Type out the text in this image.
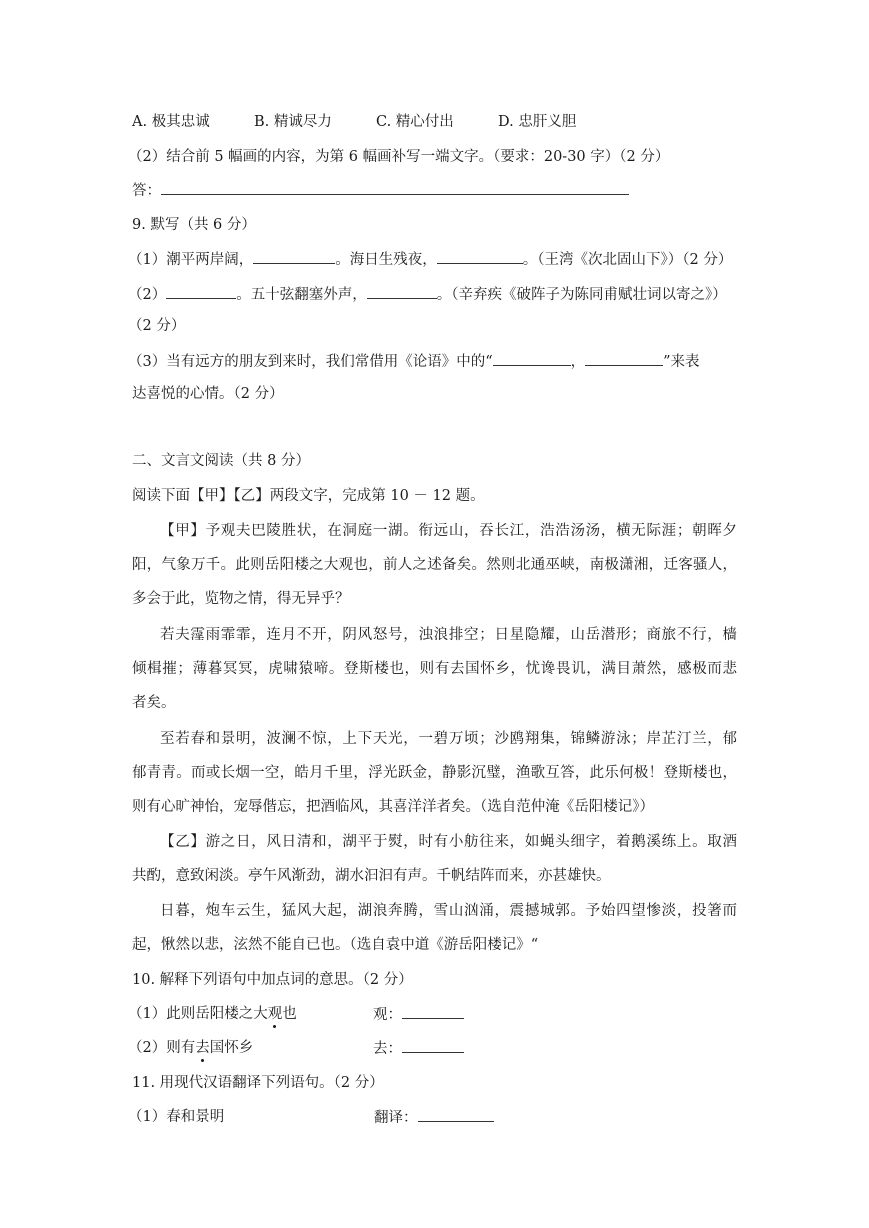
A. 极其忠诚	B. 精诚尽力	C. 精心付出	D. 忠肝义胆
（2）结合前 5 幅画的内容，为第 6 幅画补写一端文字。（要求：20-30 字）（2 分）
答：
9. 默写（共 6 分）
（1）潮平两岸阔，	。海日生残夜，	。（王湾《次北固山下》）（2 分）
（2）	。五十弦翻塞外声，	。（辛弃疾《破阵子为陈同甫赋壮词以寄之》）
（2 分）
（3）当有远方的朋友到来时，我们常借用《论语》中的“	，	”来表
达喜悦的心情。（2 分）
二、文言文阅读（共 8 分）
阅读下面【甲】【乙】两段文字，完成第 10 － 12 题。
【甲】予观夫巴陵胜状，在洞庭一湖。衔远山，吞长江，浩浩汤汤，横无际涯；朝晖夕
阳，气象万千。此则岳阳楼之大观也，前人之述备矣。然则北通巫峡，南极潇湘，迁客骚人，
多会于此，览物之情，得无异乎？
若夫霪雨霏霏，连月不开，阴风怒号，浊浪排空；日星隐耀，山岳潜形；商旅不行，樯
倾楫摧；薄暮冥冥，虎啸猿啼。登斯楼也，则有去国怀乡，忧谗畏讥，满目萧然，感极而悲
者矣。
至若春和景明，波澜不惊，上下天光，一碧万顷；沙鸥翔集，锦鳞游泳；岸芷汀兰，郁
郁青青。而或长烟一空，皓月千里，浮光跃金，静影沉璧，渔歌互答，此乐何极！登斯楼也，
则有心旷神怡，宠辱偕忘，把酒临风，其喜洋洋者矣。（选自范仲淹《岳阳楼记》）
【乙】游之日，风日清和，湖平于熨，时有小舫往来，如蝇头细字，着鹅溪练上。取酒
共酌，意致闲淡。亭午风渐劲，湖水汩汩有声。千帆结阵而来，亦甚雄快。
日暮，炮车云生，猛风大起，湖浪奔腾，雪山汹涌，震撼城郭。予始四望惨淡，投箸而
起，愀然以悲，泫然不能自已也。（选自袁中道《游岳阳楼记》“
10. 解释下列语句中加点词的意思。（2 分）
（1）此则岳阳楼之大观也	观：
（2）则有去国怀乡	去：
11. 用现代汉语翻译下列语句。（2 分）
（1）春和景明	翻译：
